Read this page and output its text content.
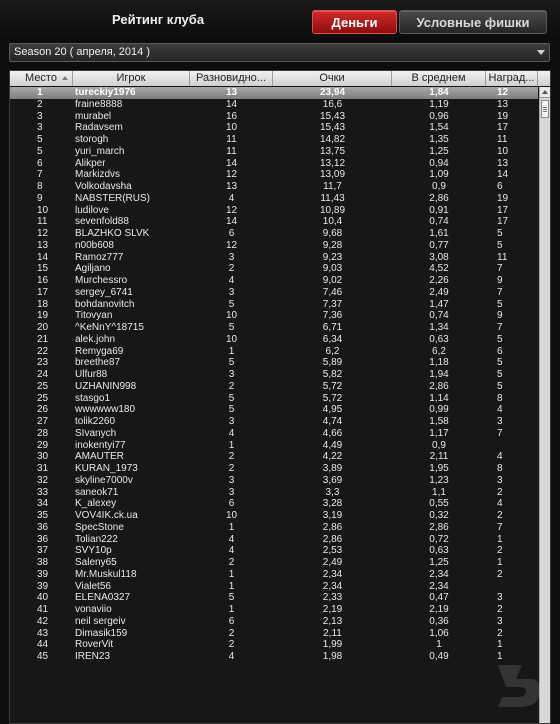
Рейтинг клуба	Деньги	Условные фишки
Season 20 ( апреля, 2014 )
Место	Игрок	Разновидно...	Очки	В среднем	Наград...
1	tureckiy1976	13	23,94	1,84	12
2	fraine8888	14	16,6	1,19	13
3	murabel	16	15,43	0,96	19
3	Radavsem	10	15,43	1,54	17
5	storogh	11	14,82	1,35	11
5	yuri_march	11	13,75	1,25	10
6	Alikper	14	13,12	0,94	13
7	Markizdvs	12	13,09	1,09	14
8	Volkodavsha	13	11,7	0,9	6
9	NABSTER(RUS)	4	11,43	2,86	19
10	ludilove	12	10,89	0,91	17
11	sevenfold88	14	10,4	0,74	17
12	BLAZHKO SLVK	6	9,68	1,61	5
13	n00b608	12	9,28	0,77	5
14	Ramoz777	3	9,23	3,08	11
15	Agiljano	2	9,03	4,52	7
16	Murchessro	4	9,02	2,26	9
17	sergey_6741	3	7,46	2,49	7
18	bohdanovitch	5	7,37	1,47	5
19	Titovyan	10	7,36	0,74	9
20	^KeNnY^18715	5	6,71	1,34	7
21	alek.john	10	6,34	0,63	5
22	Remyga69	1	6,2	6,2	6
23	breethe87	5	5,89	1,18	5
24	Ulfur88	3	5,82	1,94	5
25	UZHANIN998	2	5,72	2,86	5
25	stasgo1	5	5,72	1,14	8
26	wwwwww180	5	4,95	0,99	4
27	tolik2260	3	4,74	1,58	3
28	SIvanych	4	4,66	1,17	7
29	inokentyi77	1	4,49	0,9
30	AMAUTER	2	4,22	2,11	4
31	KURAN_1973	2	3,89	1,95	8
32	skyline7000v	3	3,69	1,23	3
33	saneok71	3	3,3	1,1	2
34	K_alexey	6	3,28	0,55	4
35	VOV4IK.ck.ua	10	3,19	0,32	2
36	SpecStone	1	2,86	2,86	7
36	Tolian222	4	2,86	0,72	1
37	SVY10p	4	2,53	0,63	2
38	Saleny65	2	2,49	1,25	1
39	Mr.Muskul118	1	2,34	2,34	2
39	Vialet56	1	2,34	2,34
40	ELENA0327	5	2,33	0,47	3
41	vonaviio	1	2,19	2,19	2
42	neil sergeiv	6	2,13	0,36	3
43	Dimasik159	2	2,11	1,06	2
44	RoverVit	2	1,99	1	1
45	IREN23	4	1,98	0,49	1
